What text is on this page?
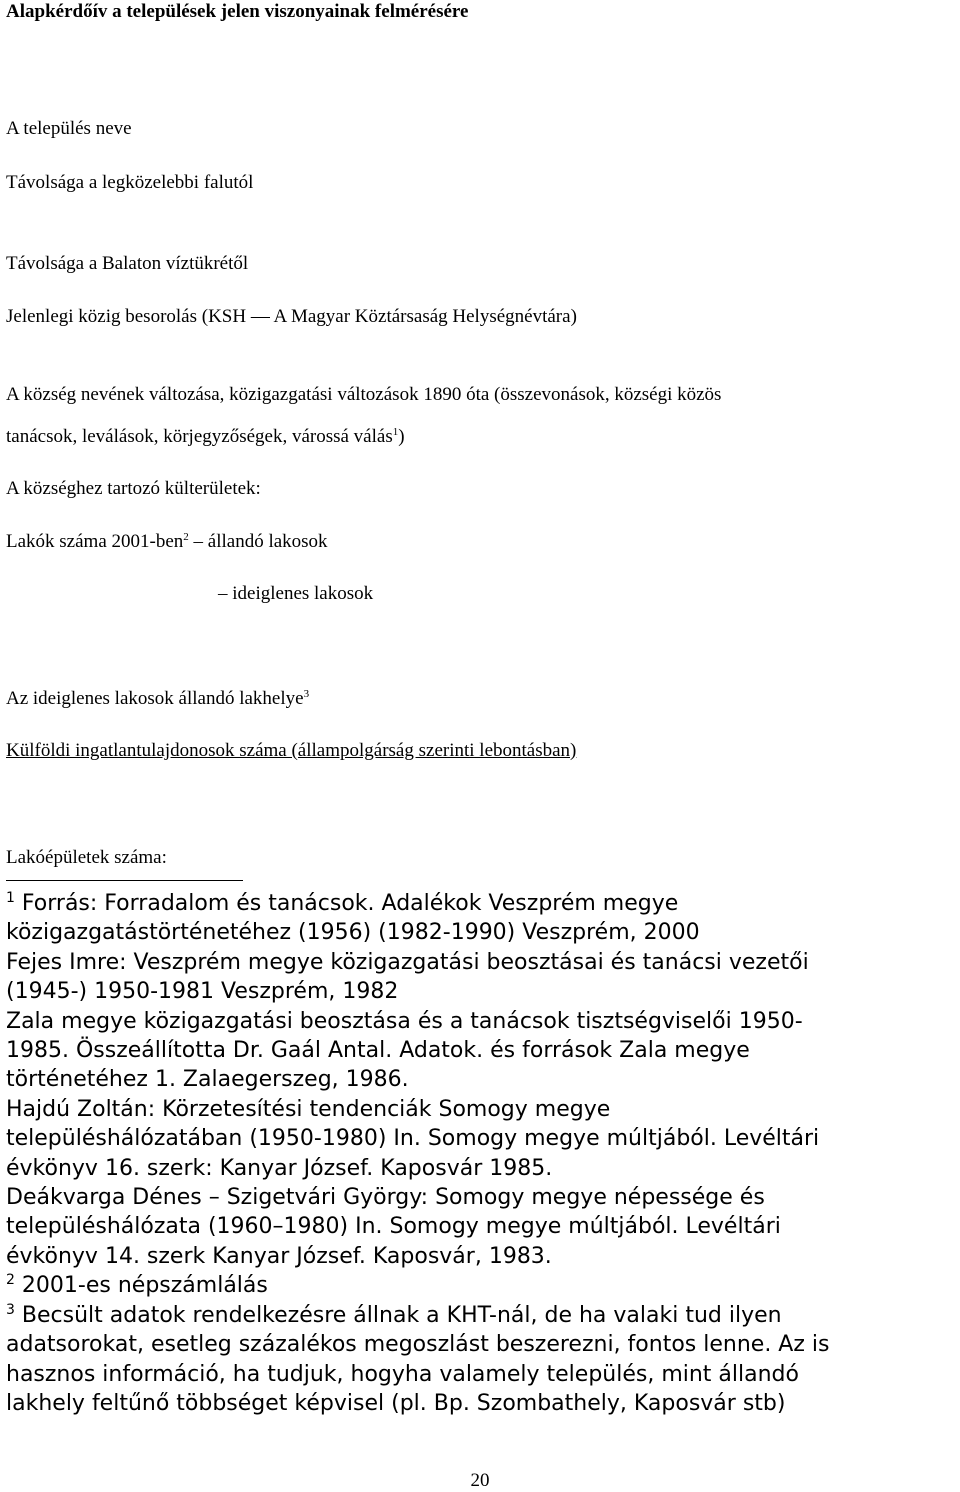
Alapkérdőív a települések jelen viszonyainak felmérésére
A település neve
Távolsága a legközelebbi falutól
Távolsága a Balaton víztükrétől
Jelenlegi közig besorolás (KSH — A Magyar Köztársaság Helységnévtára)
A község nevének változása, közigazgatási változások 1890 óta (összevonások, községi közös
tanácsok, leválások, körjegyzőségek, várossá válás$^1$)
A községhez tartozó külterületek:
Lakók száma 2001-ben$^2$ – állandó lakosok
– ideiglenes lakosok
Az ideiglenes lakosok állandó lakhelye$^3$
Külföldi ingatlantulajdonosok száma (állampolgárság szerinti lebontásban)
Lakóépületek száma:

$^1$ Forrás: Forradalom és tanácsok. Adalékok Veszprém megye

közigazgatástörténetéhez (1956) (1982-1990) Veszprém, 2000

Fejes Imre: Veszprém megye közigazgatási beosztásai és tanácsi vezetői

(1945-) 1950-1981 Veszprém, 1982

Zala megye közigazgatási beosztása és a tanácsok tisztségviselői 1950-

1985. Összeállította Dr. Gaál Antal. Adatok. és források Zala megye

történetéhez 1. Zalaegerszeg, 1986.

Hajdú Zoltán: Körzetesítési tendenciák Somogy megye

településhálózatában (1950-1980) In. Somogy megye múltjából. Levéltári

évkönyv 16. szerk: Kanyar József. Kaposvár 1985.

Deákvarga Dénes – Szigetvári György: Somogy megye népessége és

településhálózata (1960–1980) In. Somogy megye múltjából. Levéltári

évkönyv 14. szerk Kanyar József. Kaposvár, 1983.

$^2$ 2001-es népszámlálás

$^3$ Becsült adatok rendelkezésre állnak a KHT-nál, de ha valaki tud ilyen

adatsorokat, esetleg százalékos megoszlást beszerezni, fontos lenne. Az is

hasznos információ, ha tudjuk, hogyha valamely település, mint állandó

lakhely feltűnő többséget képvisel (pl. Bp. Szombathely, Kaposvár stb)

20
